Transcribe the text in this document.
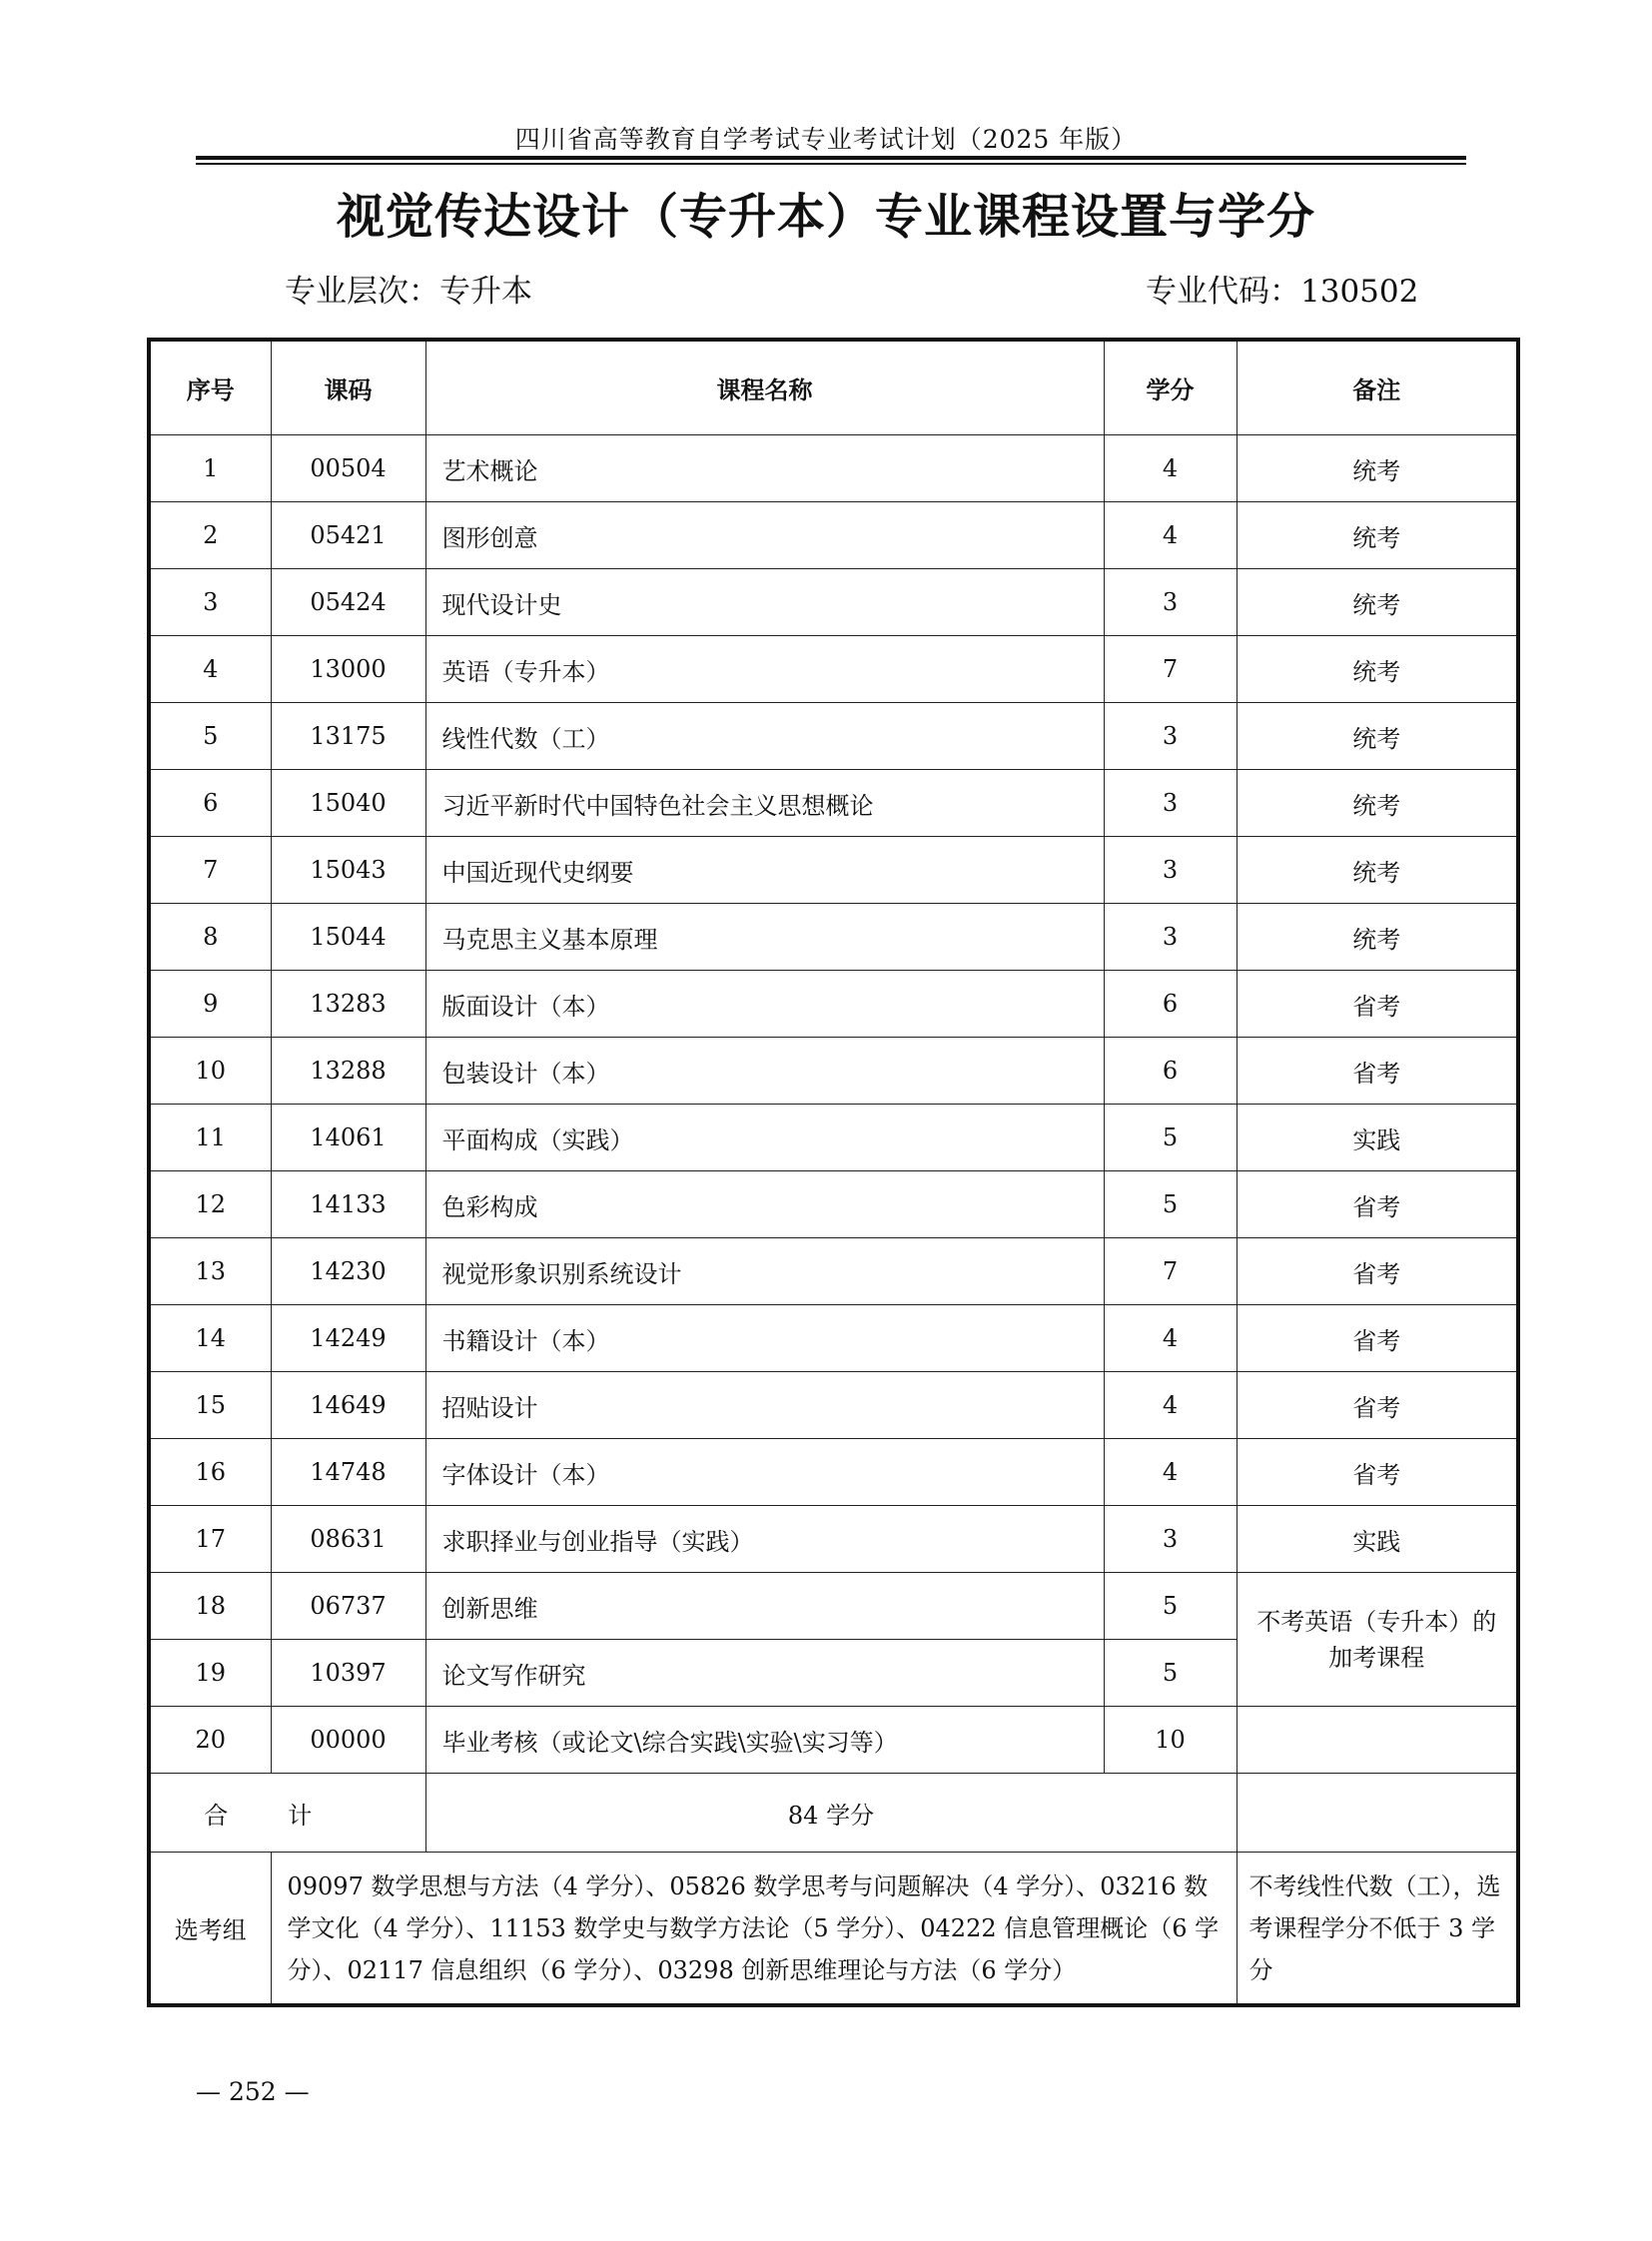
四川省高等教育自学考试专业考试计划（2025 年版）
视觉传达设计（专升本）专业课程设置与学分
专业层次：专升本	专业代码：130502
序号	课码	课程名称	学分	备注
1	00504	艺术概论	4	统考
2	05421	图形创意	4	统考
3	05424	现代设计史	3	统考
4	13000	英语（专升本）	7	统考
5	13175	线性代数（工）	3	统考
6	15040	习近平新时代中国特色社会主义思想概论	3	统考
7	15043	中国近现代史纲要	3	统考
8	15044	马克思主义基本原理	3	统考
9	13283	版面设计（本）	6	省考
10	13288	包装设计（本）	6	省考
11	14061	平面构成（实践）	5	实践
12	14133	色彩构成	5	省考
13	14230	视觉形象识别系统设计	7	省考
14	14249	书籍设计（本）	4	省考
15	14649	招贴设计	4	省考
16	14748	字体设计（本）	4	省考
17	08631	求职择业与创业指导（实践）	3	实践
18	06737	创新思维	5	不考英语（专升本）的加考课程
19	10397	论文写作研究	5	
20	00000	毕业考核（或论文\综合实践\实验\实习等）	10	
合计		84 学分		
选考组	09097 数学思想与方法（4 学分）、05826 数学思考与问题解决（4 学分）、03216 数学文化（4 学分）、11153 数学史与数学方法论（5 学分）、04222 信息管理概论（6 学分）、02117 信息组织（6 学分）、03298 创新思维理论与方法（6 学分）			不考线性代数（工），选考课程学分不低于 3 学分
— 252 —
